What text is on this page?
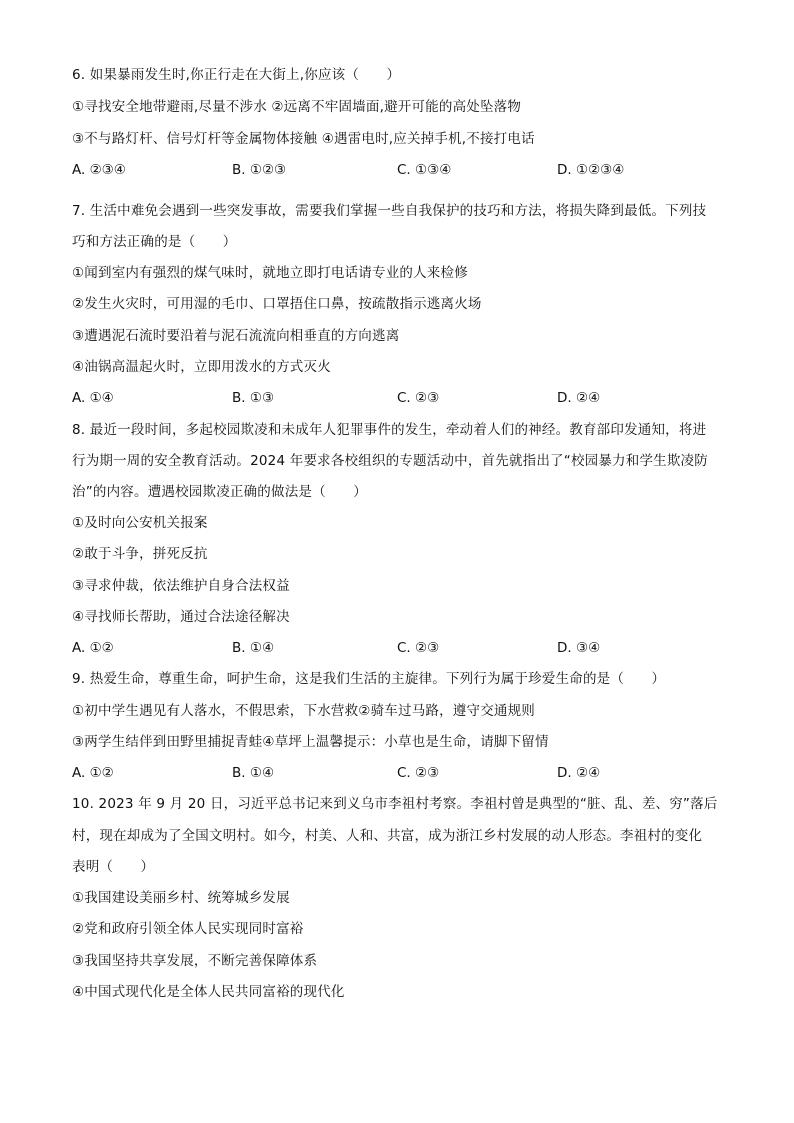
6. 如果暴雨发生时,你正行走在大街上,你应该（　　）
①寻找安全地带避雨,尽量不涉水 ②远离不牢固墙面,避开可能的高处坠落物
③不与路灯杆、信号灯杆等金属物体接触 ④遇雷电时,应关掉手机,不接打电话
A. ②③④	B. ①②③	C. ①③④	D. ①②③④
7. 生活中难免会遇到一些突发事故，需要我们掌握一些自我保护的技巧和方法，将损失降到最低。下列技
巧和方法正确的是（　　）
①闻到室内有强烈的煤气味时，就地立即打电话请专业的人来检修
②发生火灾时，可用湿的毛巾、口罩捂住口鼻，按疏散指示逃离火场
③遭遇泥石流时要沿着与泥石流流向相垂直的方向逃离
④油锅高温起火时，立即用泼水的方式灭火
A. ①④	B. ①③	C. ②③	D. ②④
8. 最近一段时间，多起校园欺凌和未成年人犯罪事件的发生，牵动着人们的神经。教育部印发通知，将进
行为期一周的安全教育活动。2024 年要求各校组织的专题活动中，首先就指出了“校园暴力和学生欺凌防
治”的内容。遭遇校园欺凌正确的做法是（　　）
①及时向公安机关报案
②敢于斗争，拼死反抗
③寻求仲裁，依法维护自身合法权益
④寻找师长帮助，通过合法途径解决
A. ①②	B. ①④	C. ②③	D. ③④
9. 热爱生命，尊重生命，呵护生命，这是我们生活的主旋律。下列行为属于珍爱生命的是（　　）
①初中学生遇见有人落水，不假思索，下水营救②骑车过马路，遵守交通规则
③两学生结伴到田野里捕捉青蛙④草坪上温馨提示：小草也是生命，请脚下留情
A. ①②	B. ①④	C. ②③	D. ②④
10. 2023 年 9 月 20 日，习近平总书记来到义乌市李祖村考察。李祖村曾是典型的“脏、乱、差、穷”落后
村，现在却成为了全国文明村。如今，村美、人和、共富，成为浙江乡村发展的动人形态。李祖村的变化
表明（　　）
①我国建设美丽乡村、统筹城乡发展
②党和政府引领全体人民实现同时富裕
③我国坚持共享发展，不断完善保障体系
④中国式现代化是全体人民共同富裕的现代化
